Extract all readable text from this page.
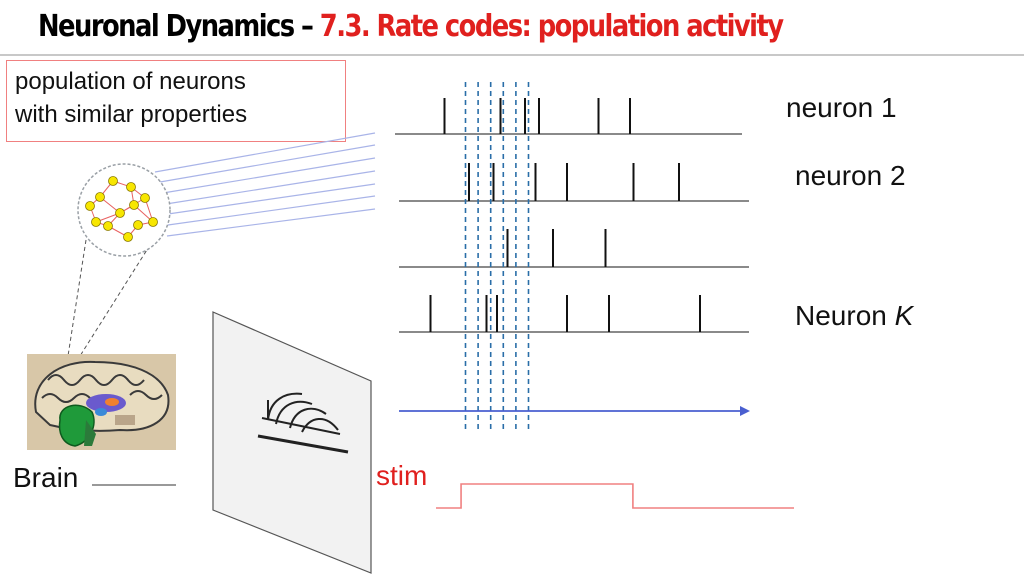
Neuronal Dynamics – 7.3. Rate codes: population activity
population of neurons
with similar properties	neuron 1
neuron 2
Neuron K
Brain	stim
